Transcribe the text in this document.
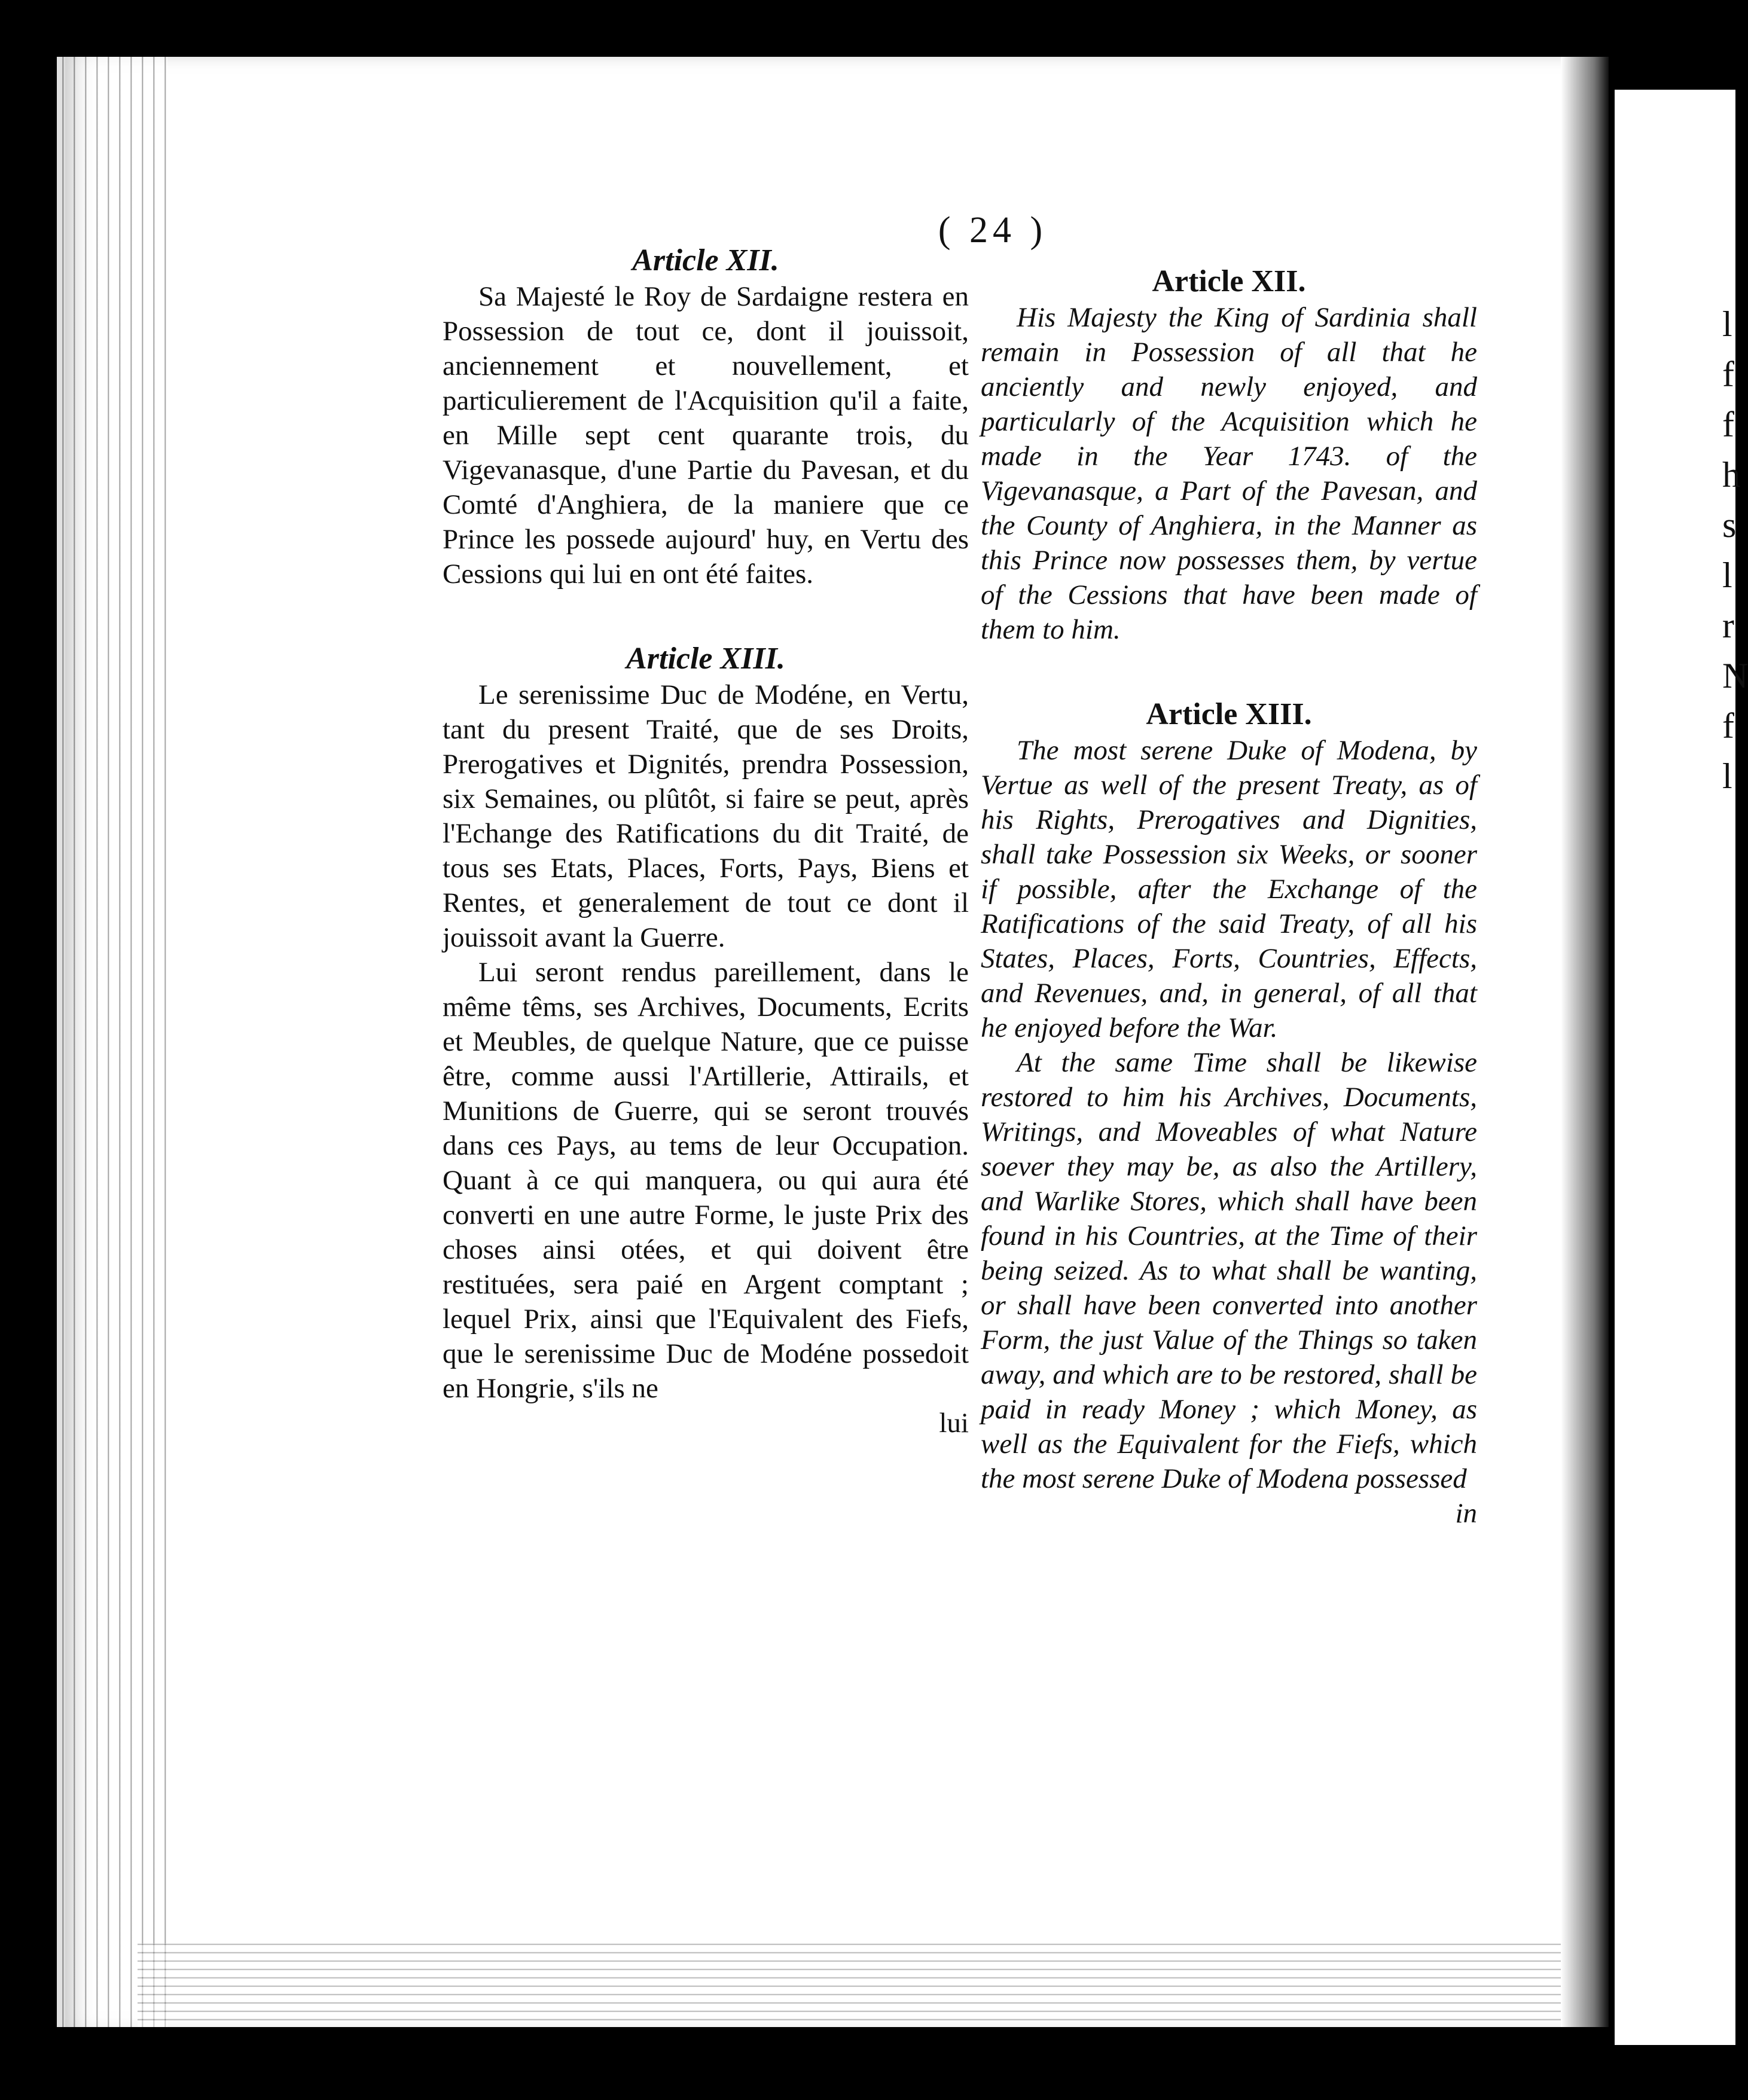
l
f
f
h
s
l
r
N
f
l
( 24 )
Article XII.

Sa Majesté le Roy de Sardaigne restera en Possession de tout ce, dont il jouissoit, anciennement et nouvellement, et particulierement de l'Acquisition qu'il a faite, en Mille sept cent quarante trois, du Vigevanasque, d'une Partie du Pavesan, et du Comté d'Anghiera, de la maniere que ce Prince les possede aujourd' huy, en Vertu des Cessions qui lui en ont été faites.

Article XIII.

Le serenissime Duc de Modéne, en Vertu, tant du present Traité, que de ses Droits, Prerogatives et Dignités, prendra Possession, six Semaines, ou plûtôt, si faire se peut, après l'Echange des Ratifications du dit Traité, de tous ses Etats, Places, Forts, Pays, Biens et Rentes, et generalement de tout ce dont il jouissoit avant la Guerre.

Lui seront rendus pareillement, dans le même têms, ses Archives, Documents, Ecrits et Meubles, de quelque Nature, que ce puisse être, comme aussi l'Artillerie, Attirails, et Munitions de Guerre, qui se seront trouvés dans ces Pays, au tems de leur Occupation. Quant à ce qui manquera, ou qui aura été converti en une autre Forme, le juste Prix des choses ainsi otées, et qui doivent être restituées, sera paié en Argent comptant ; lequel Prix, ainsi que l'Equivalent des Fiefs, que le serenissime Duc de Modéne possedoit en Hongrie, s'ils ne

lui

Article XII.

His Majesty the King of Sardinia shall remain in Possession of all that he anciently and newly enjoyed, and particularly of the Acquisition which he made in the Year 1743. of the Vigevanasque, a Part of the Pavesan, and the County of Anghiera, in the Manner as this Prince now possesses them, by vertue of the Cessions that have been made of them to him.

Article XIII.

The most serene Duke of Modena, by Vertue as well of the present Treaty, as of his Rights, Prerogatives and Dignities, shall take Possession six Weeks, or sooner if possible, after the Exchange of the Ratifications of the said Treaty, of all his States, Places, Forts, Countries, Effects, and Revenues, and, in general, of all that he enjoyed before the War.

At the same Time shall be likewise restored to him his Archives, Documents, Writings, and Moveables of what Nature soever they may be, as also the Artillery, and Warlike Stores, which shall have been found in his Countries, at the Time of their being seized. As to what shall be wanting, or shall have been converted into another Form, the just Value of the Things so taken away, and which are to be restored, shall be paid in ready Money ; which Money, as well as the Equivalent for the Fiefs, which the most serene Duke of Modena possessed

in
